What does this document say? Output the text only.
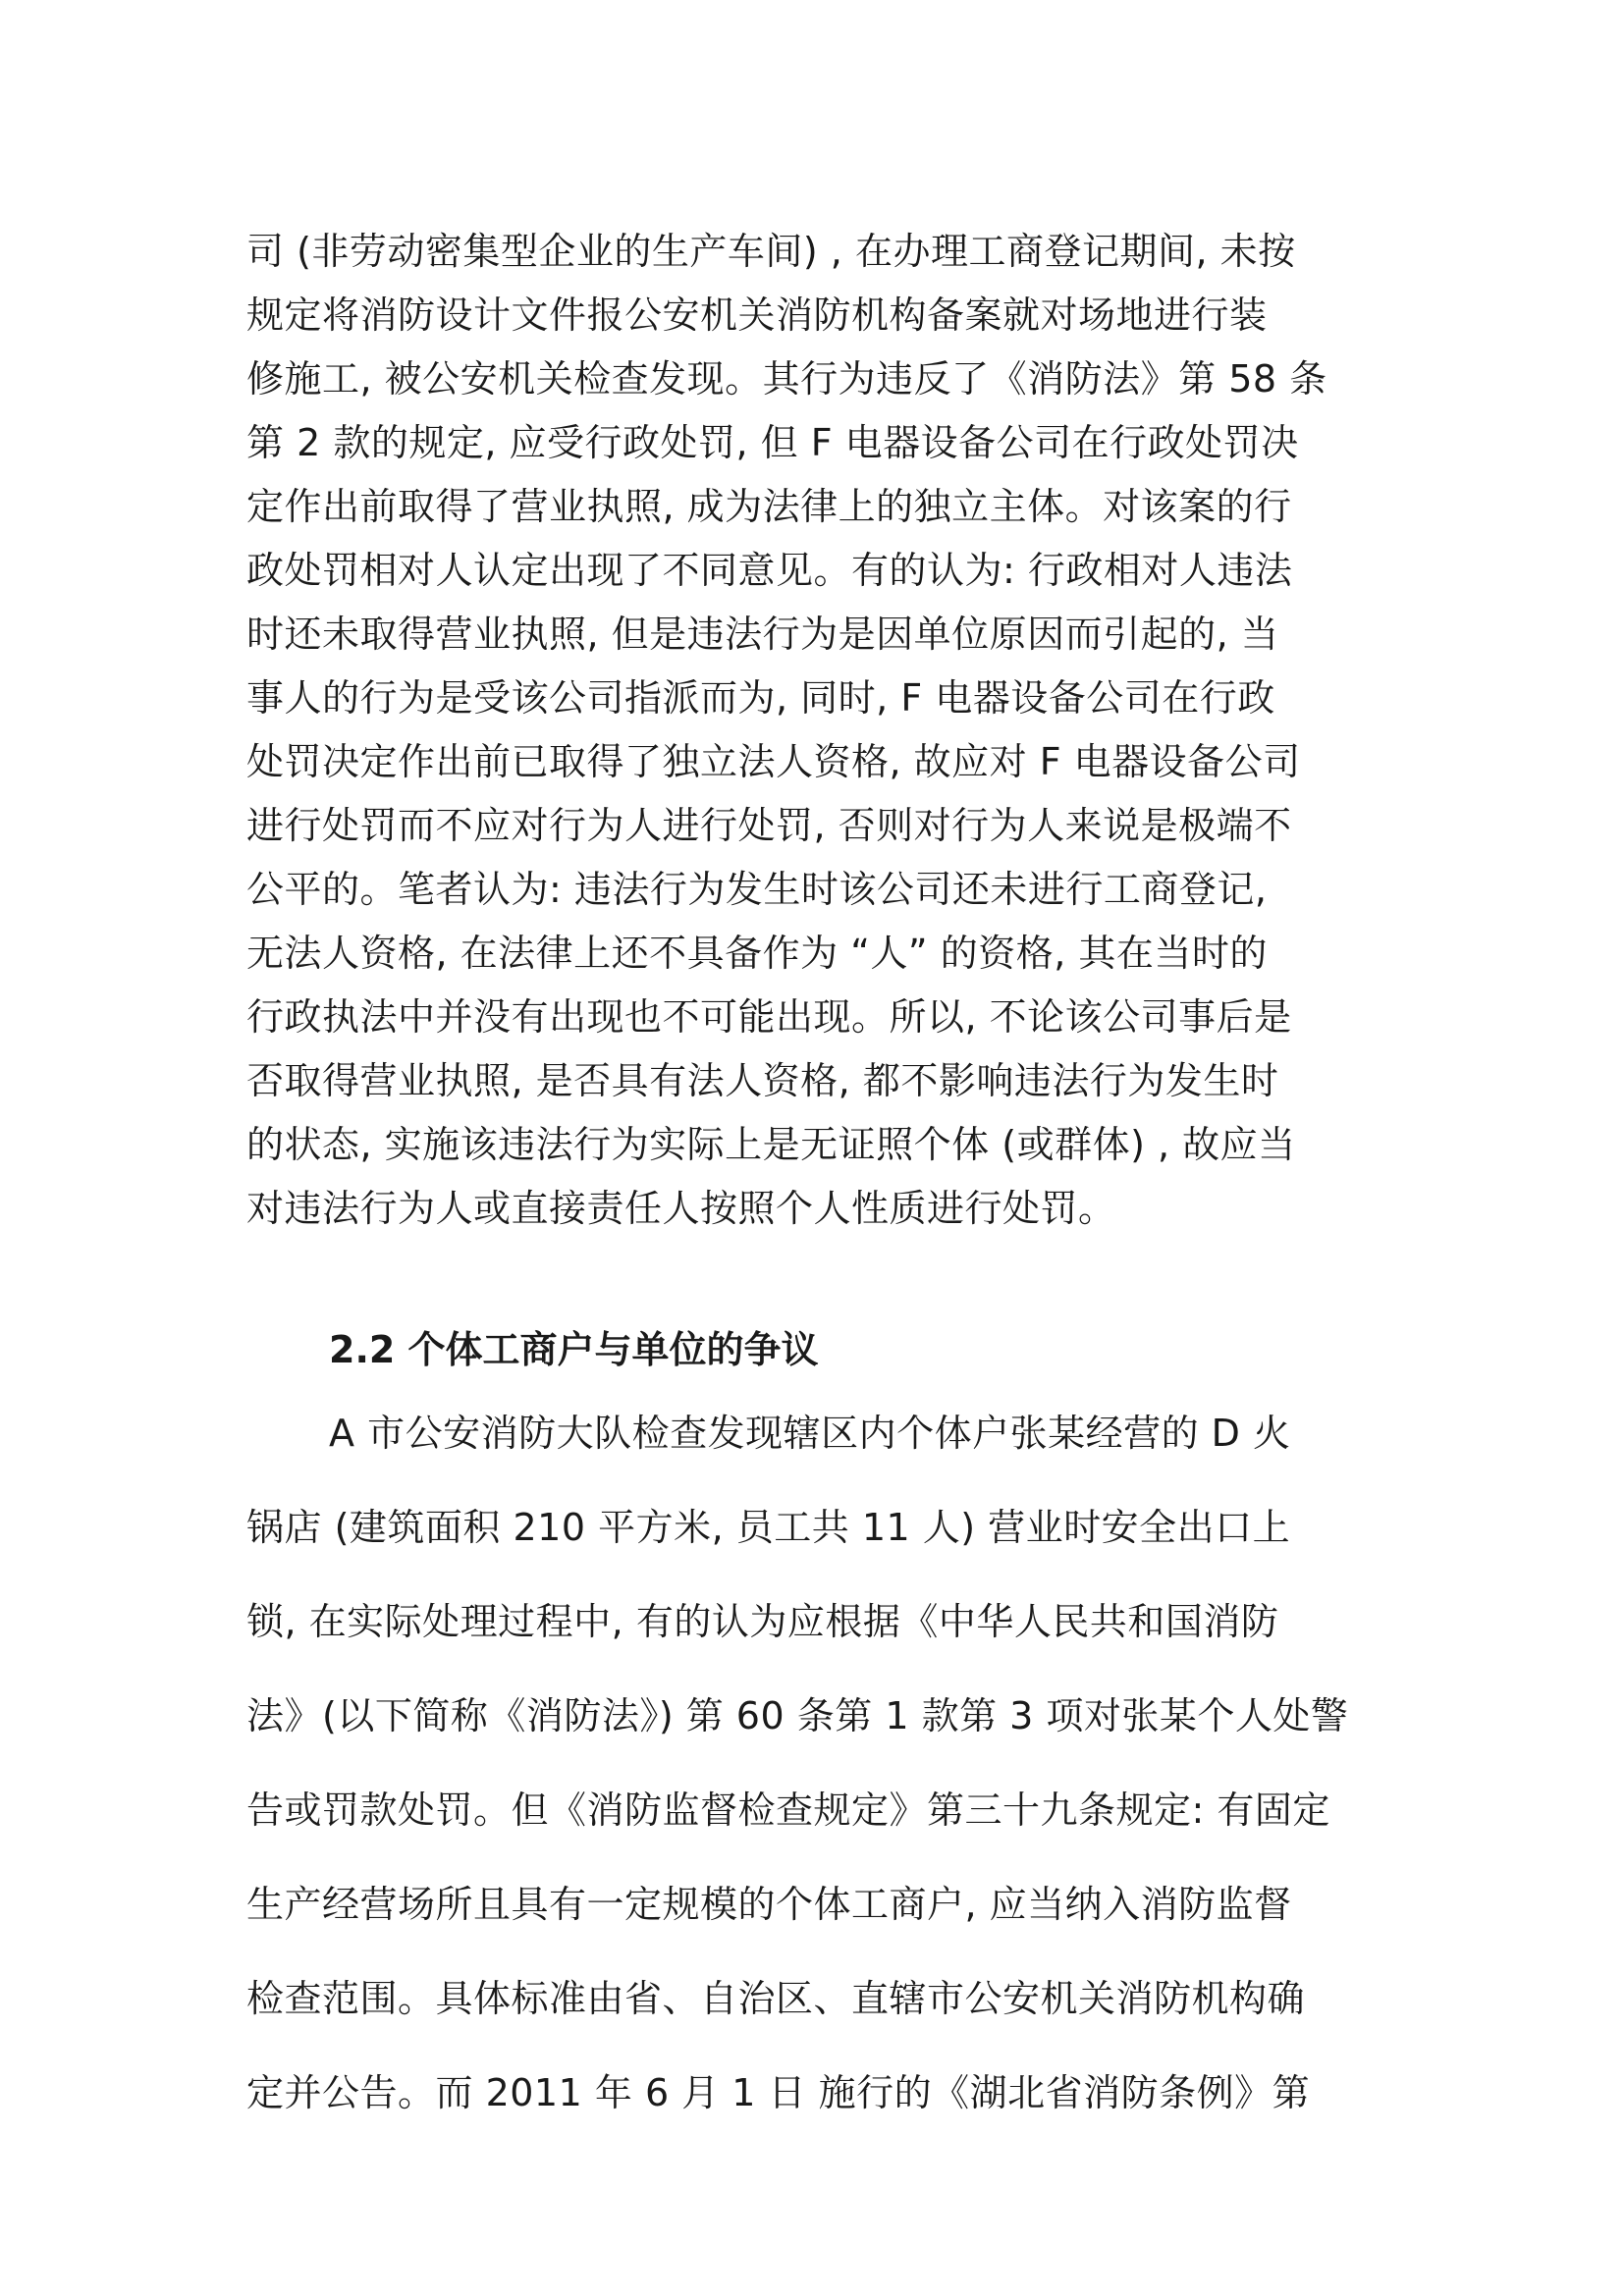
司 (非劳动密集型企业的生产车间) , 在办理工商登记期间, 未按
规定将消防设计文件报公安机关消防机构备案就对场地进行装
修施工, 被公安机关检查发现。其行为违反了《消防法》第 58 条
第 2 款的规定, 应受行政处罚, 但 F 电器设备公司在行政处罚决
定作出前取得了营业执照, 成为法律上的独立主体。对该案的行
政处罚相对人认定出现了不同意见。有的认为: 行政相对人违法
时还未取得营业执照, 但是违法行为是因单位原因而引起的, 当
事人的行为是受该公司指派而为, 同时, F 电器设备公司在行政
处罚决定作出前已取得了独立法人资格, 故应对 F 电器设备公司
进行处罚而不应对行为人进行处罚, 否则对行为人来说是极端不
公平的。笔者认为: 违法行为发生时该公司还未进行工商登记,
无法人资格, 在法律上还不具备作为 “人” 的资格, 其在当时的
行政执法中并没有出现也不可能出现。所以, 不论该公司事后是
否取得营业执照, 是否具有法人资格, 都不影响违法行为发生时
的状态, 实施该违法行为实际上是无证照个体 (或群体) , 故应当
对违法行为人或直接责任人按照个人性质进行处罚。
2.2 个体工商户与单位的争议
A 市公安消防大队检查发现辖区内个体户张某经营的 D 火
锅店 (建筑面积 210 平方米, 员工共 11 人) 营业时安全出口上
锁, 在实际处理过程中, 有的认为应根据《中华人民共和国消防
法》(以下简称《消防法》) 第 60 条第 1 款第 3 项对张某个人处警
告或罚款处罚。但《消防监督检查规定》第三十九条规定: 有固定
生产经营场所且具有一定规模的个体工商户, 应当纳入消防监督
检查范围。具体标准由省、自治区、直辖市公安机关消防机构确
定并公告。而 2011 年 6 月 1 日 施行的《湖北省消防条例》第
